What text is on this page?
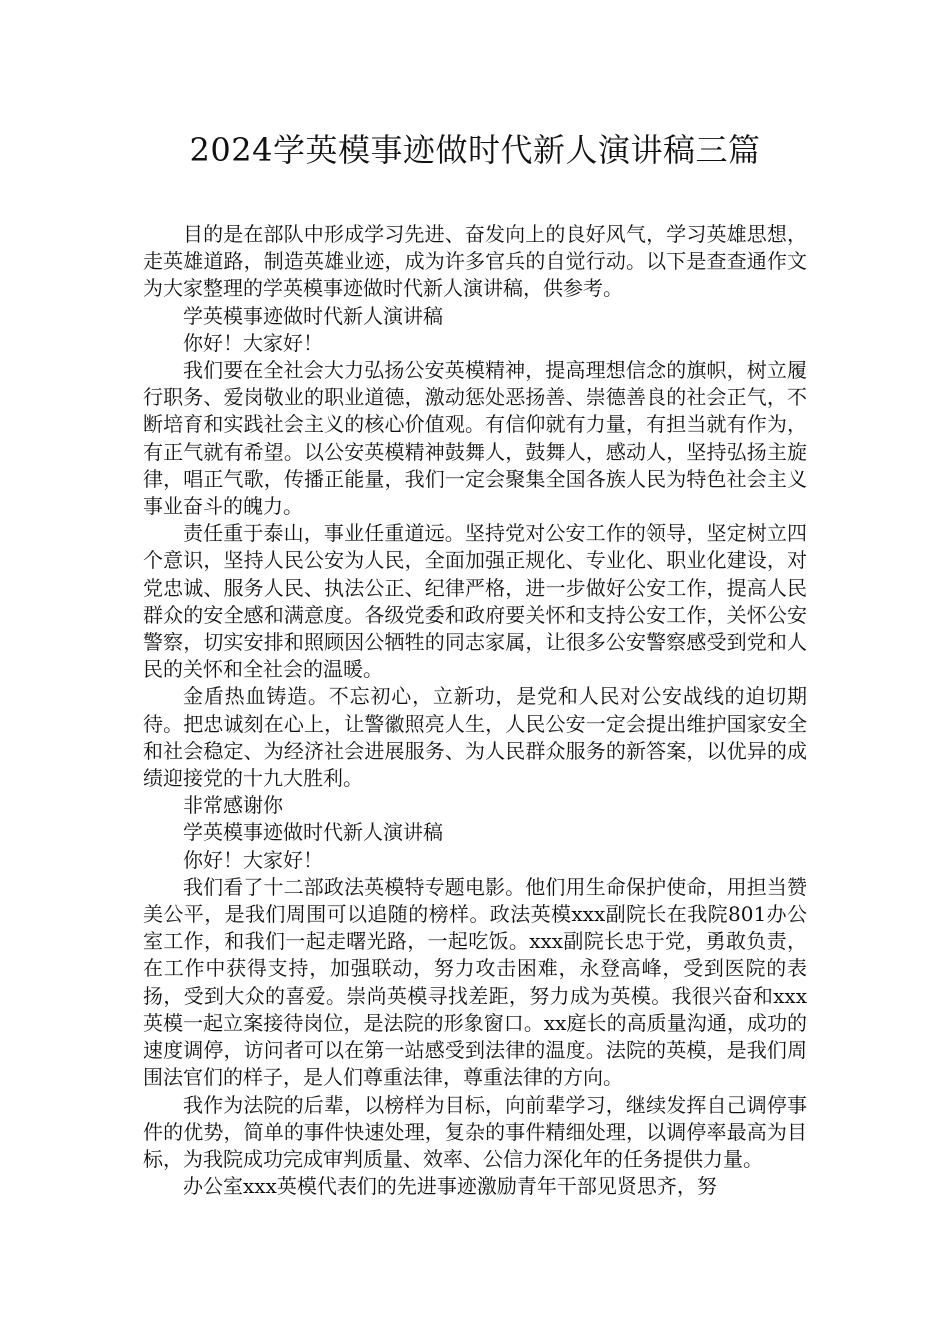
2024学英模事迹做时代新人演讲稿三篇

目的是在部队中形成学习先进、奋发向上的良好风气，学习英雄思想，走英雄道路，制造英雄业迹，成为许多官兵的自觉行动。以下是查查通作文为大家整理的学英模事迹做时代新人演讲稿，供参考。

学英模事迹做时代新人演讲稿

你好！大家好！

我们要在全社会大力弘扬公安英模精神，提高理想信念的旗帜，树立履行职务、爱岗敬业的职业道德，激动惩处恶扬善、崇德善良的社会正气，不断培育和实践社会主义的核心价值观。有信仰就有力量，有担当就有作为，有正气就有希望。以公安英模精神鼓舞人，鼓舞人，感动人，坚持弘扬主旋律，唱正气歌，传播正能量，我们一定会聚集全国各族人民为特色社会主义事业奋斗的魄力。

责任重于泰山，事业任重道远。坚持党对公安工作的领导，坚定树立四个意识，坚持人民公安为人民，全面加强正规化、专业化、职业化建设，对党忠诚、服务人民、执法公正、纪律严格，进一步做好公安工作，提高人民群众的安全感和满意度。各级党委和政府要关怀和支持公安工作，关怀公安警察，切实安排和照顾因公牺牲的同志家属，让很多公安警察感受到党和人民的关怀和全社会的温暖。

金盾热血铸造。不忘初心，立新功，是党和人民对公安战线的迫切期待。把忠诚刻在心上，让警徽照亮人生，人民公安一定会提出维护国家安全和社会稳定、为经济社会进展服务、为人民群众服务的新答案，以优异的成绩迎接党的十九大胜利。

非常感谢你

学英模事迹做时代新人演讲稿

你好！大家好！

我们看了十二部政法英模特专题电影。他们用生命保护使命，用担当赞美公平，是我们周围可以追随的榜样。政法英模xxx副院长在我院801办公室工作，和我们一起走曙光路，一起吃饭。xxx副院长忠于党，勇敢负责，在工作中获得支持，加强联动，努力攻击困难，永登高峰，受到医院的表扬，受到大众的喜爱。崇尚英模寻找差距，努力成为英模。我很兴奋和xxx英模一起立案接待岗位，是法院的形象窗口。xx庭长的高质量沟通，成功的速度调停，访问者可以在第一站感受到法律的温度。法院的英模，是我们周围法官们的样子，是人们尊重法律，尊重法律的方向。

我作为法院的后辈，以榜样为目标，向前辈学习，继续发挥自己调停事件的优势，简单的事件快速处理，复杂的事件精细处理，以调停率最高为目标，为我院成功完成审判质量、效率、公信力深化年的任务提供力量。

办公室xxx英模代表们的先进事迹激励青年干部见贤思齐，努
